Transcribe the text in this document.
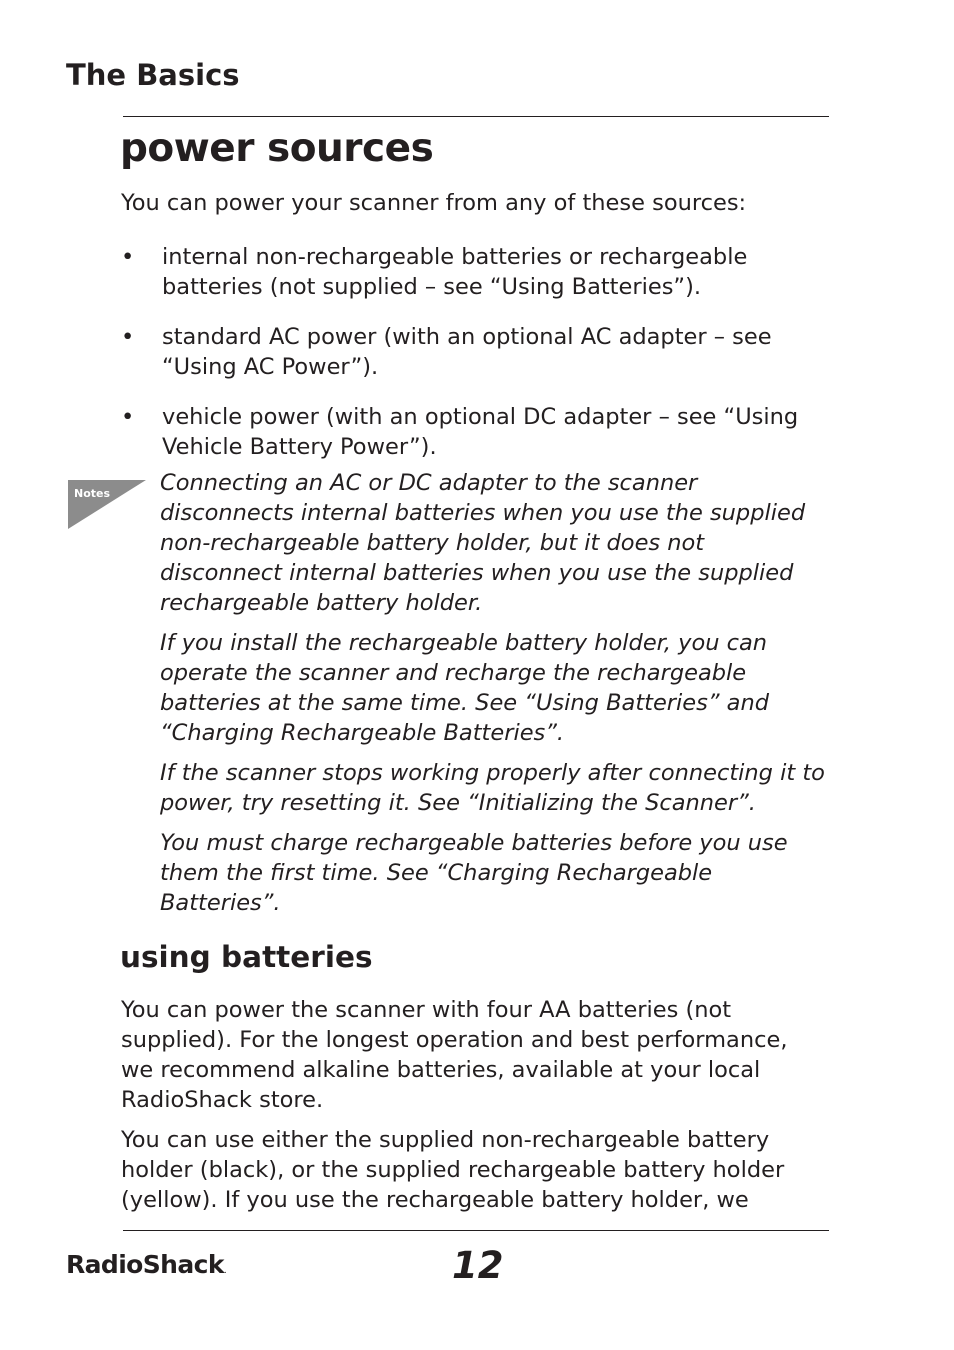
The Basics
power sources

You can power your scanner from any of these sources:

• internal non-rechargeable batteries or rechargeable batteries (not supplied – see “Using Batteries”).
• standard AC power (with an optional AC adapter – see “Using AC Power”).
• vehicle power (with an optional DC adapter – see “Using Vehicle Battery Power”).
Notes Connecting an AC or DC adapter to the scanner disconnects internal batteries when you use the supplied non-rechargeable battery holder, but it does not disconnect internal batteries when you use the supplied rechargeable battery holder.

If you install the rechargeable battery holder, you can operate the scanner and recharge the rechargeable batteries at the same time. See “Using Batteries” and “Charging Rechargeable Batteries”.

If the scanner stops working properly after connecting it to power, try resetting it. See “Initializing the Scanner”.

You must charge rechargeable batteries before you use them the first time. See “Charging Rechargeable Batteries”.

using batteries

You can power the scanner with four AA batteries (not supplied). For the longest operation and best performance, we recommend alkaline batteries, available at your local RadioShack store.

You can use either the supplied non-rechargeable battery holder (black), or the supplied rechargeable battery holder (yellow). If you use the rechargeable battery holder, we

RadioShack.	12
